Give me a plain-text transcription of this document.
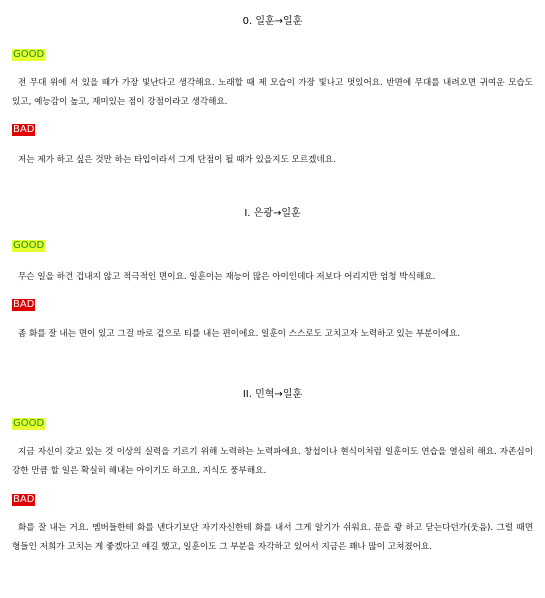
0. 일훈→일훈
GOOD
전 무대 위에 서 있을 때가 가장 빛난다고 생각해요. 노래할 때 제 모습이 가장 빛나고 멋있어요. 반면에 무대를 내려오면 귀여운 모습도 있고, 예능감이 높고, 재미있는 점이 강점이라고 생각해요.
BAD
저는 제가 하고 싶은 것만 하는 타입이라서 그게 단점이 될 때가 있을지도 모르겠네요.
I. 은광→일훈
GOOD
무슨 일을 하건 겁내지 않고 적극적인 면이요. 일훈이는 재능이 많은 아이인데다 저보다 어리지만 엄청 박식해요.
BAD
좀 화를 잘 내는 면이 있고 그걸 바로 겉으로 티를 내는 편이에요. 일훈이 스스로도 고치고자 노력하고 있는 부분이에요.
II. 민혁→일훈
GOOD
지금 자신이 갖고 있는 것 이상의 실력을 기르기 위해 노력하는 노력파에요. 창섭이나 현식이처럼 일훈이도 연습을 열심히 해요. 자존심이 강한 만큼 할 일은 확실히 해내는 아이기도 하고요. 지식도 풍부해요.
BAD
화를 잘 내는 거요. 멤버들한테 화를 낸다기보단 자기자신한테 화를 내서 그게 알기가 쉬워요. 문을 쾅 하고 닫는다던가(웃음). 그럴 때면 형들인 저희가 고치는 게 좋겠다고 얘길 했고, 일훈이도 그 부분을 자각하고 있어서 지금은 꽤나 많이 고쳐졌어요.
